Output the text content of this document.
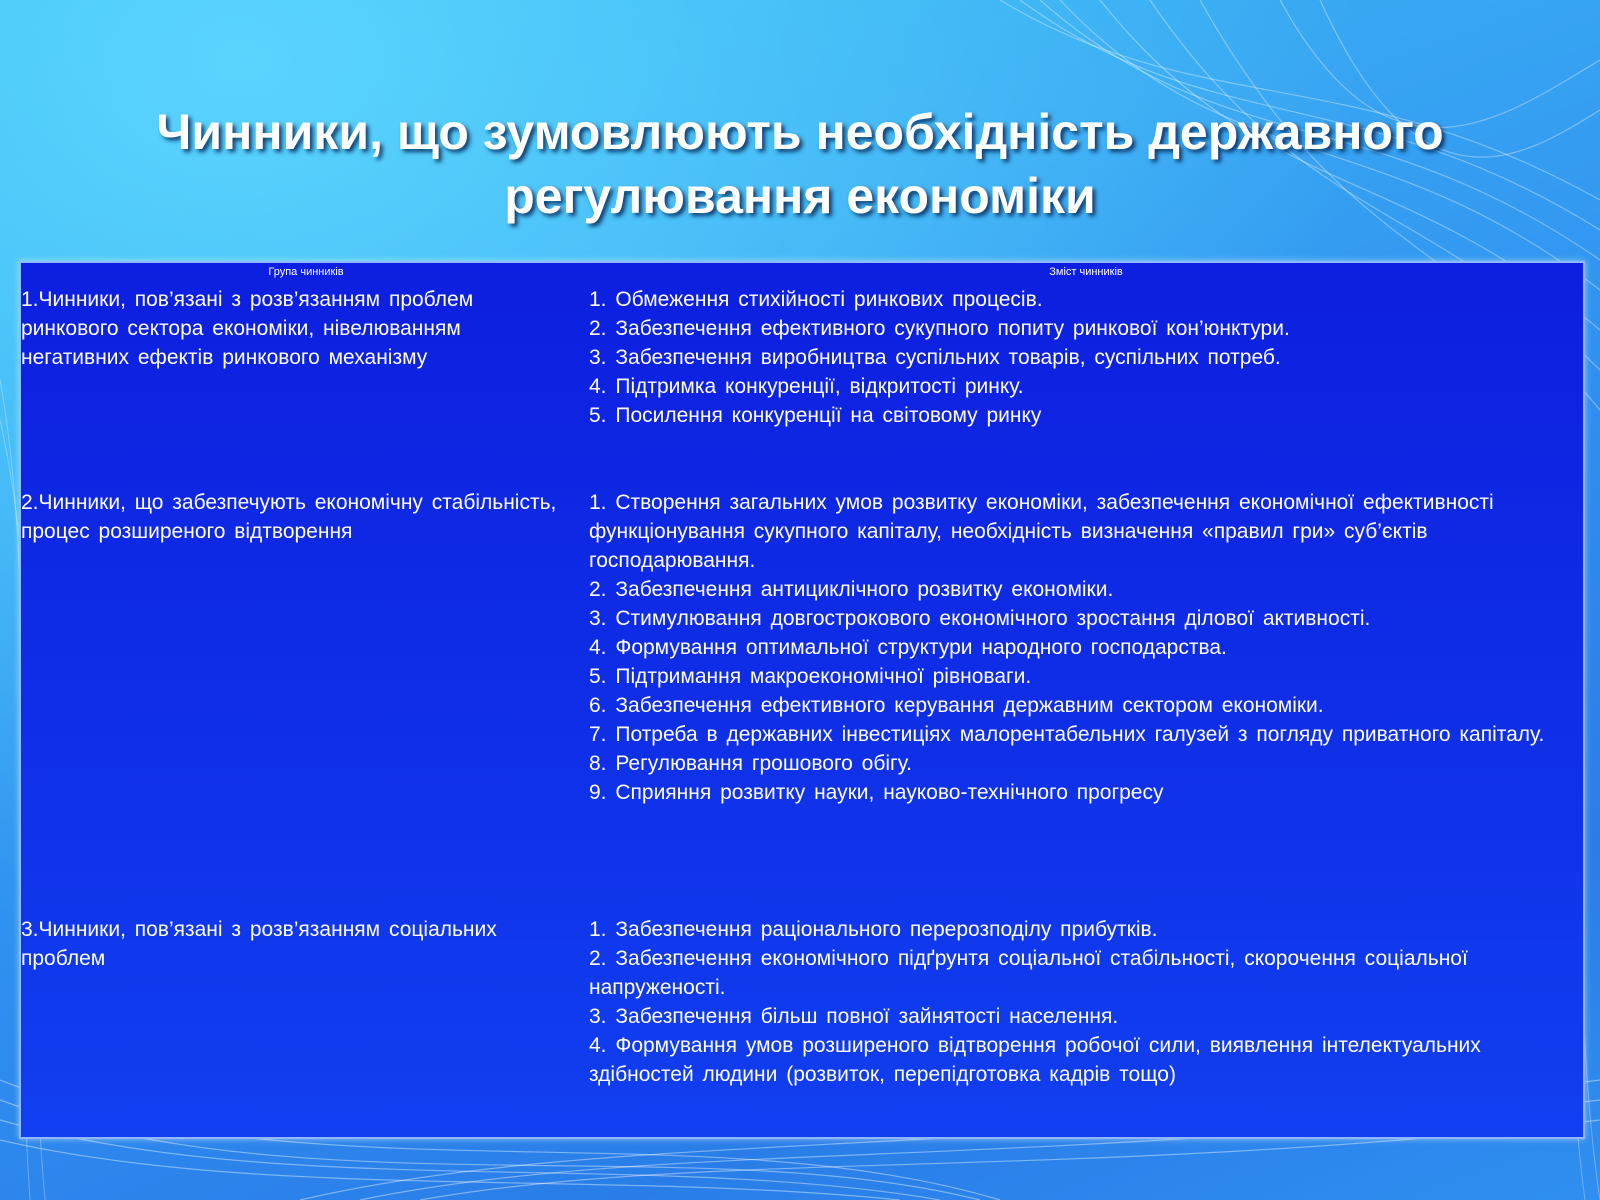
Чинники, що зумовлюють необхідність державного регулювання економіки
Група чинників	Зміст чинників
1.Чинники, пов’язані з розв’язанням проблем ринкового сектора економіки, нівелюванням негативних ефектів ринкового механізму
1. Обмеження стихійності ринкових процесів.
2. Забезпечення ефективного сукупного попиту ринкової кон’юнктури.
3. Забезпечення виробництва суспільних товарів, суспільних потреб.
4. Підтримка конкуренції, відкритості ринку.
5. Посилення конкуренції на світовому ринку
2.Чинники, що забезпечують економічну стабільність, процес розширеного відтворення
1. Створення загальних умов розвитку економіки, забезпечення економічної ефективності функціонування сукупного капіталу, необхідність визначення «правил гри» суб’єктів господарювання.
2. Забезпечення антициклічного розвитку економіки.
3. Стимулювання довгострокового економічного зростання ділової активності.
4. Формування оптимальної структури народного господарства.
5. Підтримання макроекономічної рівноваги.
6. Забезпечення ефективного керування державним сектором економіки.
7. Потреба в державних інвестиціях малорентабельних галузей з погляду приватного капіталу.
8. Регулювання грошового обігу.
9. Сприяння розвитку науки, науково-технічного прогресу
3.Чинники, пов’язані з розв’язанням соціальних проблем
1. Забезпечення раціонального перерозподілу прибутків.
2. Забезпечення економічного підґрунтя соціальної стабільності, скорочення соціальної напруженості.
3. Забезпечення більш повної зайнятості населення.
4. Формування умов розширеного відтворення робочої сили, виявлення інтелектуальних здібностей людини (розвиток, перепідготовка кадрів тощо)
